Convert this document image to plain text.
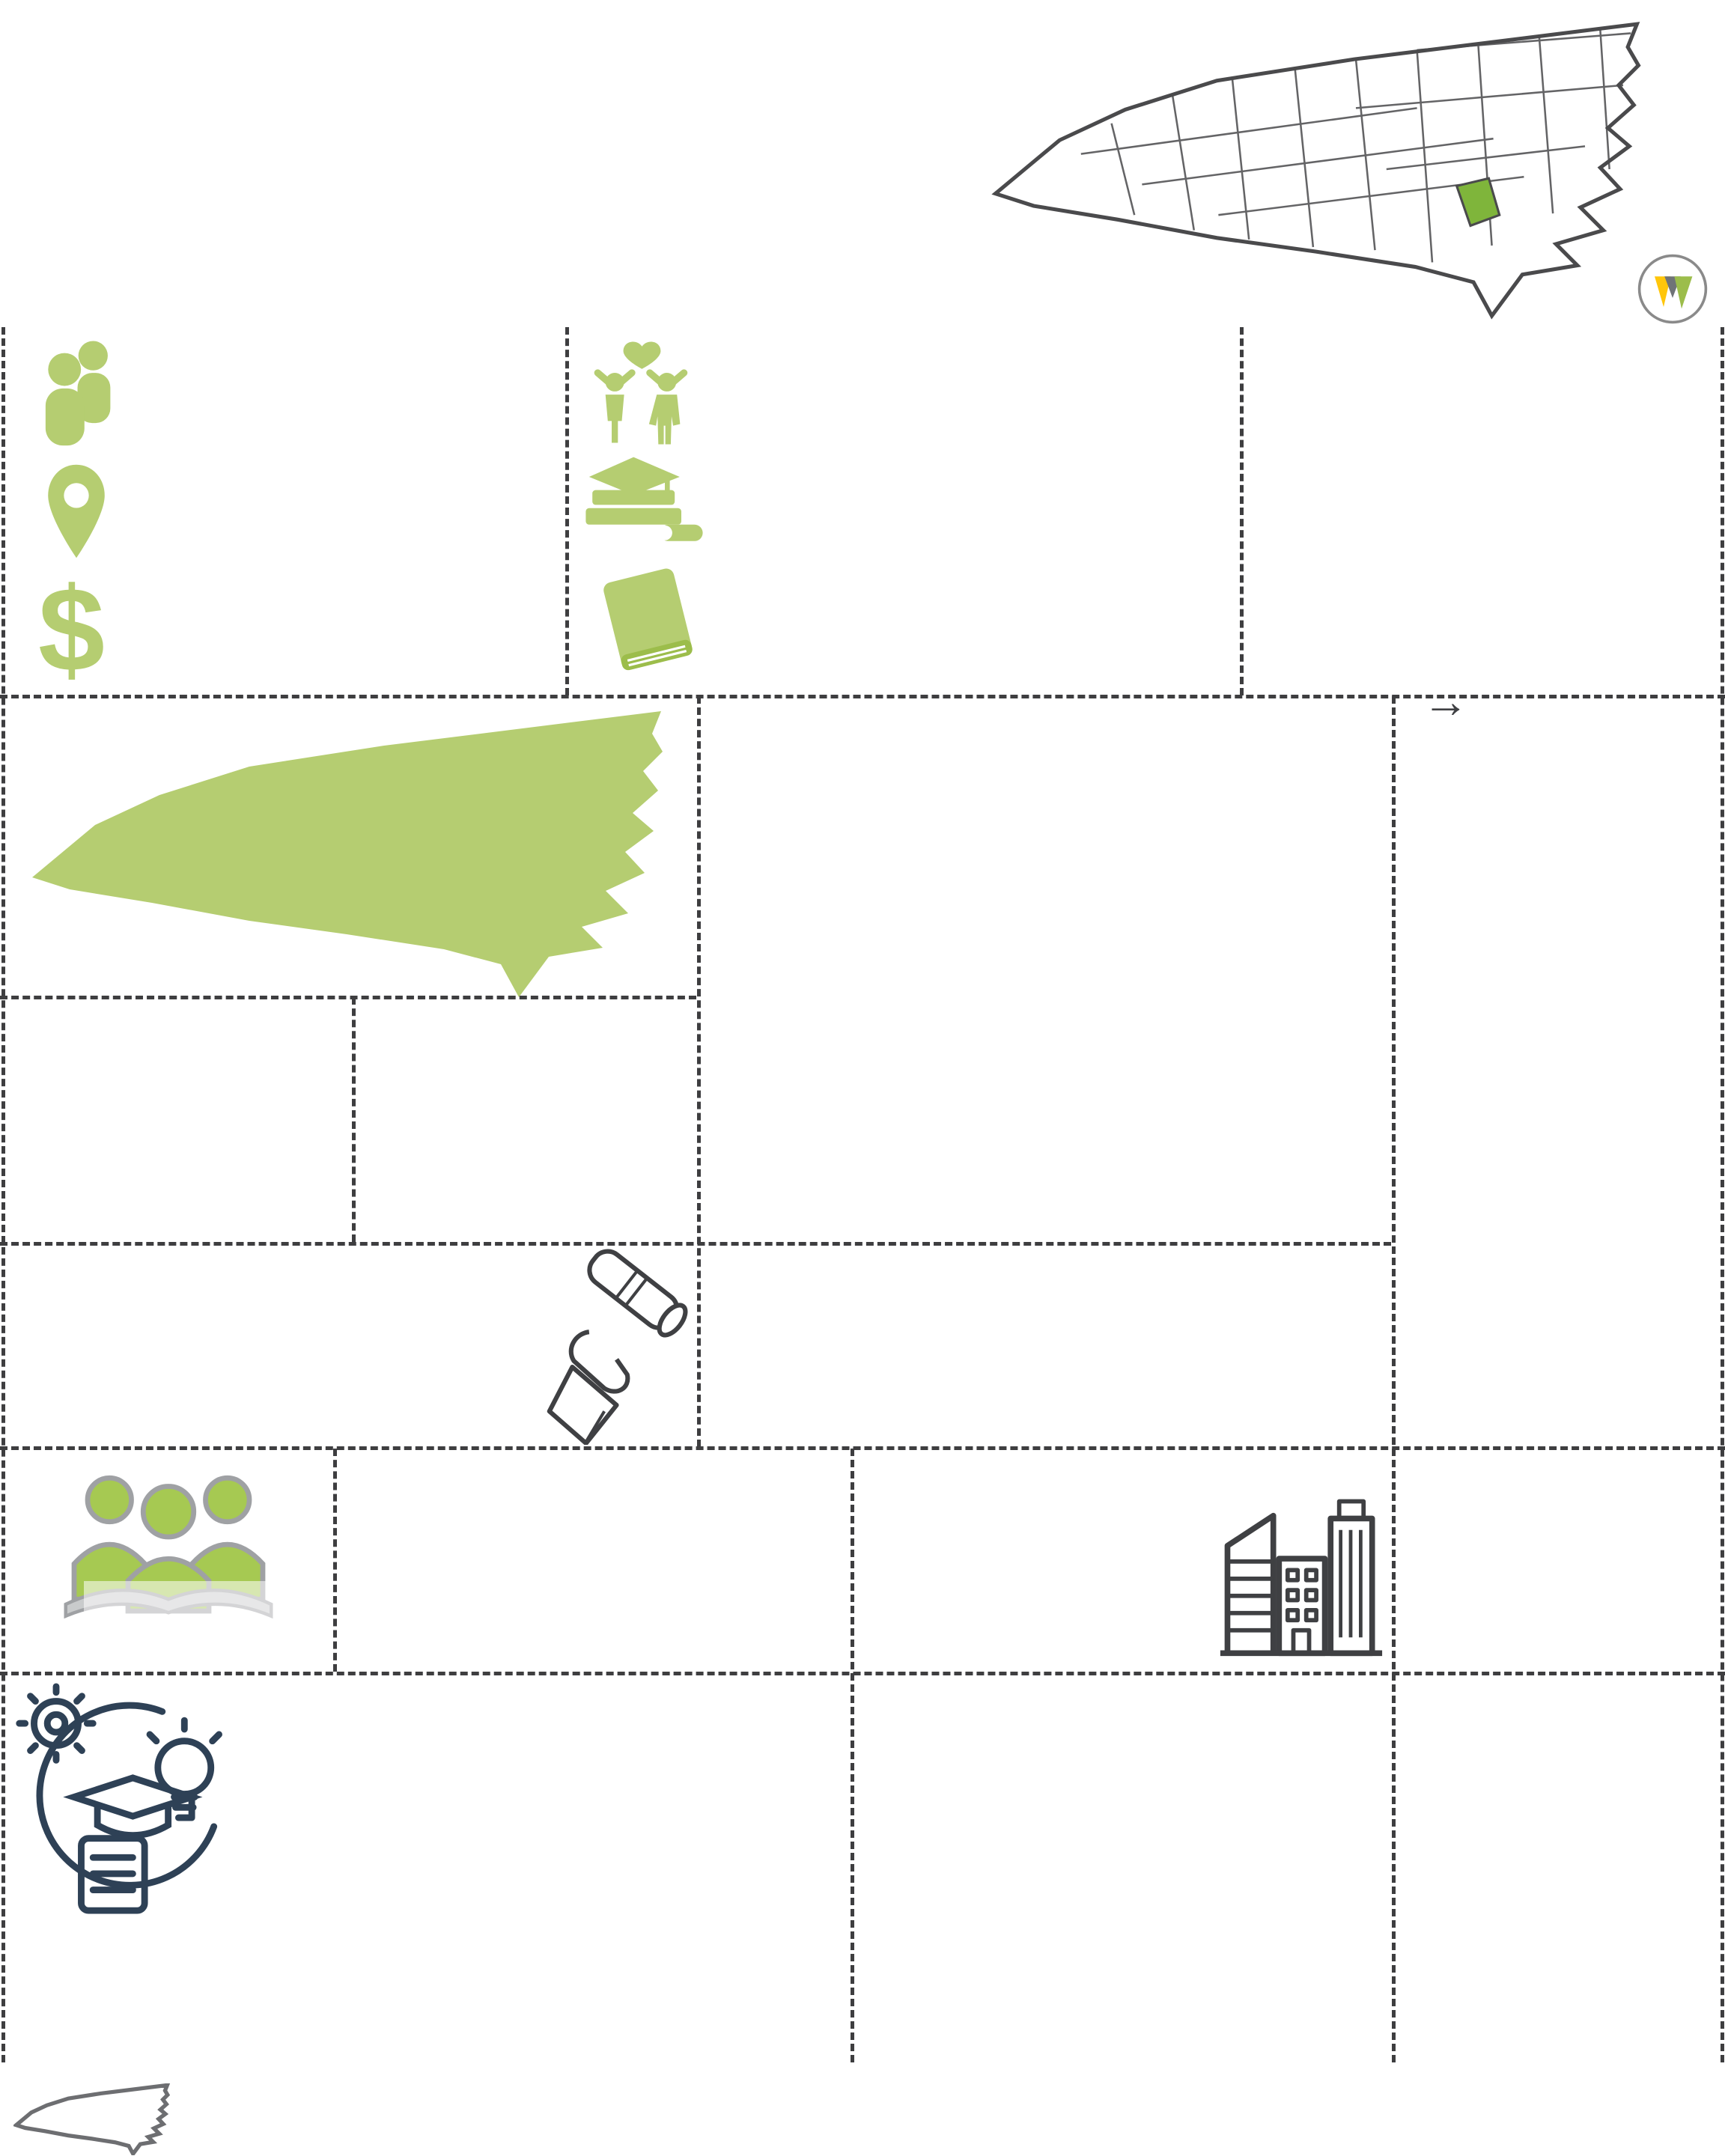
$
→
